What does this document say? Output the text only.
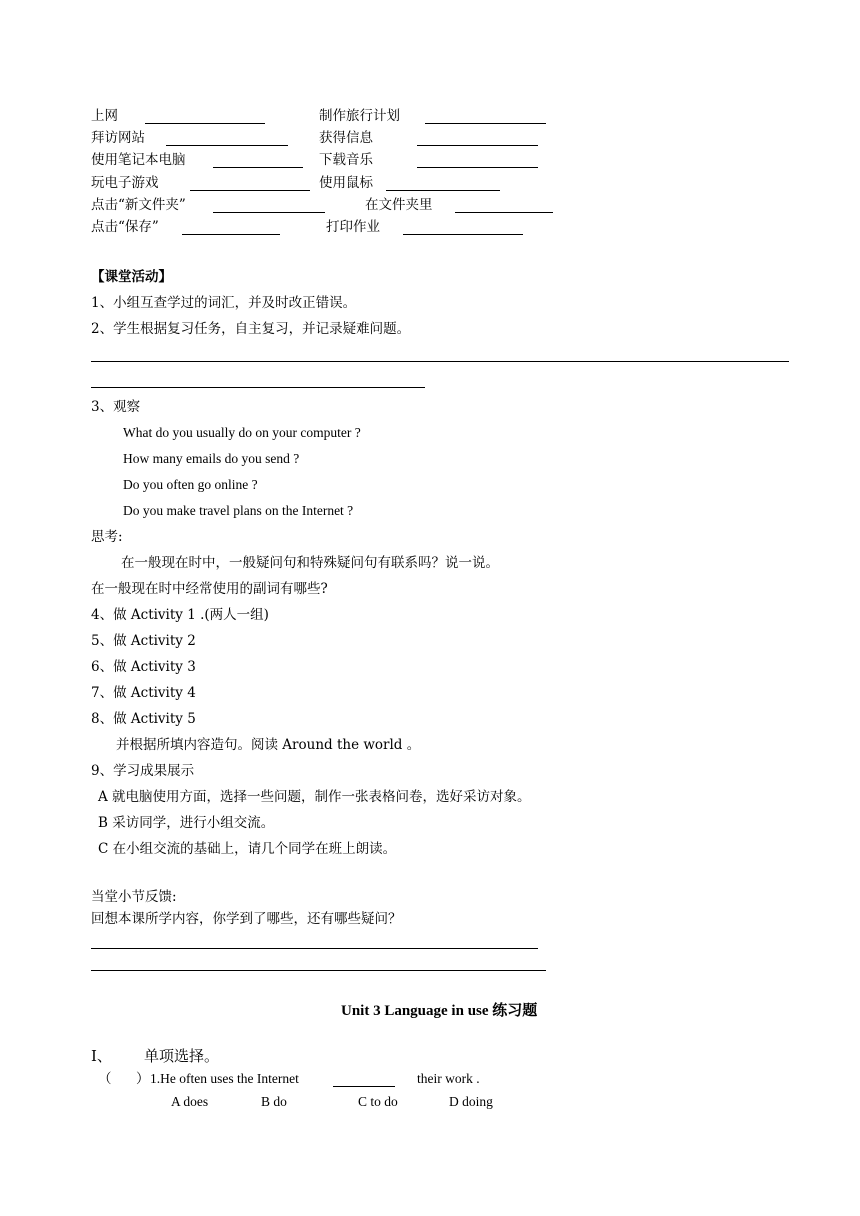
上网	制作旅行计划
拜访网站	获得信息
使用笔记本电脑	下载音乐
玩电子游戏	使用鼠标
点击“新文件夹”	在文件夹里
点击“保存”	打印作业
【课堂活动】
1、小组互查学过的词汇，并及时改正错误。
2、学生根据复习任务，自主复习，并记录疑难问题。
3、观察
What do you usually do on your computer ?
How many emails do you send ?
Do you often go online ?
Do you make travel plans on the Internet ?
思考:
在一般现在时中，一般疑问句和特殊疑问句有联系吗？说一说。
在一般现在时中经常使用的副词有哪些?
4、做 Activity 1 .(两人一组)
5、做 Activity 2
6、做 Activity 3
7、做 Activity 4
8、做 Activity 5
并根据所填内容造句。阅读 Around the world 。
9、学习成果展示
A 就电脑使用方面，选择一些问题，制作一张表格问卷，选好采访对象。
B 采访同学，进行小组交流。
C 在小组交流的基础上，请几个同学在班上朗读。
当堂小节反馈:
回想本课所学内容，你学到了哪些，还有哪些疑问？
Unit 3 Language in use 练习题
I、 单项选择。
（ ） 1.He often uses the Internet	their work .
A does	B do	C to do	D doing
